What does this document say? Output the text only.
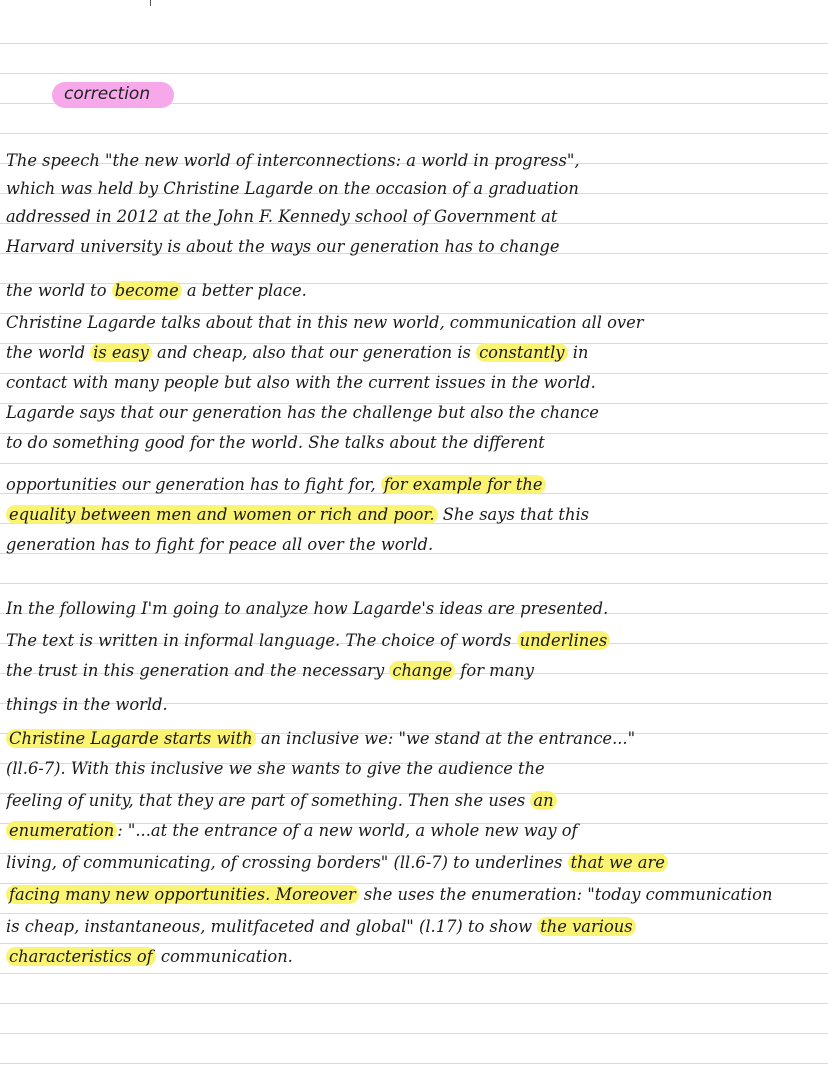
correction
The speech "the new world of interconnections: a world in progress",
which was held by Christine Lagarde on the occasion of a graduation
addressed in 2012 at the John F. Kennedy school of Government at
Harvard university is about the ways our generation has to change
the world to become a better place.
Christine Lagarde talks about that in this new world, communication all over
the world is easy and cheap, also that our generation is constantly in
contact with many people but also with the current issues in the world.
Lagarde says that our generation has the challenge but also the chance
to do something good for the world. She talks about the different
opportunities our generation has to fight for, for example for the
equality between men and women or rich and poor. She says that this
generation has to fight for peace all over the world.
In the following I'm going to analyze how Lagarde's ideas are presented.
The text is written in informal language. The choice of words underlines
the trust in this generation and the necessary change for many
things in the world.
Christine Lagarde starts with an inclusive we: "we stand at the entrance..."
(ll.6-7). With this inclusive we she wants to give the audience the
feeling of unity, that they are part of something. Then she uses an
enumeration : "...at the entrance of a new world, a whole new way of
living, of communicating, of crossing borders" (ll.6-7) to underlines that we are
facing many new opportunities. Moreover she uses the enumeration: "today communication
is cheap, instantaneous, mulitfaceted and global" (l.17) to show the various
characteristics of communication.
